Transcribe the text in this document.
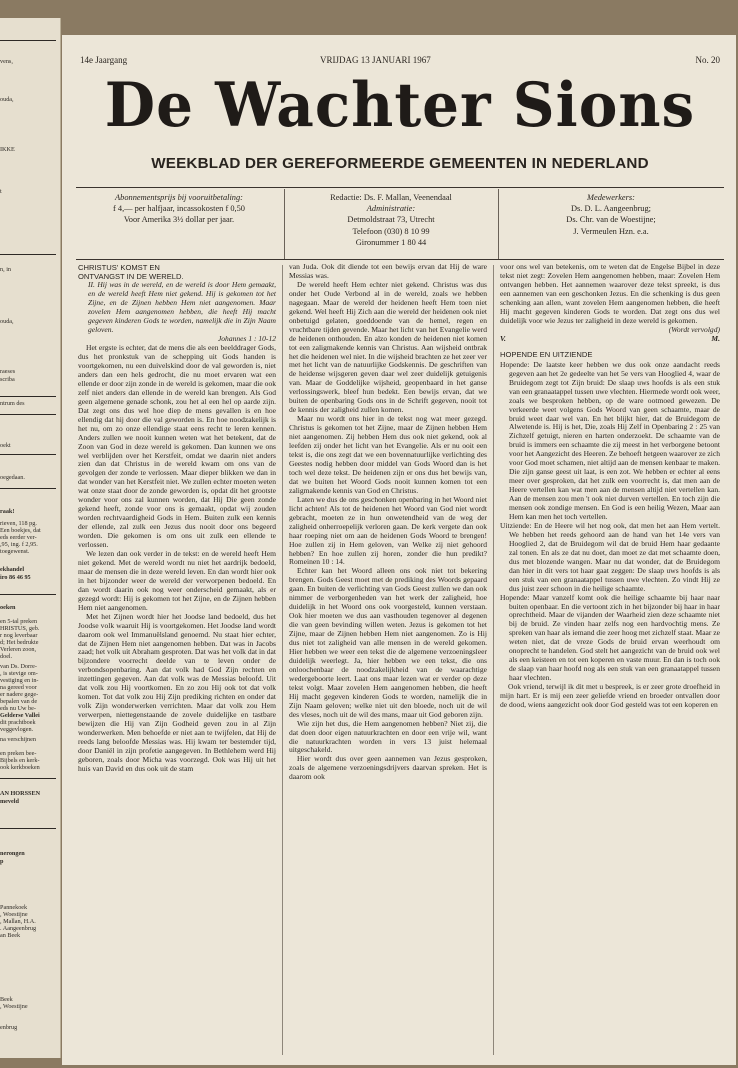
vens,
ouda,
IKKE
t
n, in
ouda,
raeses
scriba
ntrum des
oekt
oegedaan.
raak!
rieven, 118 pg.
Een boekjes, dat
eds eerder ver-
,95, ing. f 2,95.
toegewenst.
ekhandel
iro 86 46 95
oeken
en 5-tal preken
HRISTUS, geb.
r nog leverbaar
d; Het bedrukte
Verleren zoon,
doel.
van Ds. Dorre-
, is stevige om-
vestiging en in-
na gereed voor
er nadere gege-
bepalen van de
eds nu Uw be-
Gelderse Vallei
dit prachtboek
veggevlogen.
na verschijnen
en preken bee-
Bijbels en kerk-
ook kerkboeken
AN HORSSEN
meveld
nerongen
p
Pannekoek
, Woestijne
, Mallan, H.A.
. Aangeenbrug
an Beek
Beek
, Woestijne
enbrug
14e Jaargang	VRIJDAG 13 JANUARI 1967	No. 20
De Wachter Sions
WEEKBLAD DER GEREFORMEERDE GEMEENTEN IN NEDERLAND
Abonnementsprijs bij vooruitbetaling:
f 4,— per halfjaar, incassokosten f 0,50
Voor Amerika 3½ dollar per jaar.
Redactie: Ds. F. Mallan, Veenendaal
Administratie:
Detmoldstraat 73, Utrecht
Telefoon (030) 8 10 99
Gironummer 1 80 44
Medewerkers:
Ds. D. L. Aangeenbrug;
Ds. Chr. van de Woestijne;
J. Vermeulen Hzn. e.a.
CHRISTUS' KOMST EN
ONTVANGST IN DE WERELD.

II. Hij was in de wereld, en de wereld is door Hem gemaakt, en de wereld heeft Hem niet gekend. Hij is gekomen tot het Zijne, en de Zijnen hebben Hem niet aangenomen. Maar zovelen Hem aangenomen hebben, die heeft Hij macht gegeven kinderen Gods te worden, namelijk die in Zijn Naam geloven.

Johannes 1 : 10-12

Het ergste is echter, dat de mens die als een beelddrager Gods, dus het pronkstuk van de schepping uit Gods handen is voortgekomen, nu een duivelskind door de val geworden is, niet anders dan een hels gedrocht, die nu moet ervaren wat een ellende er door zijn zonde in de wereld is gekomen, maar die ook zelf niet anders dan ellende in de wereld kan brengen. Als God geen algemene genade schonk, zou het al een hel op aarde zijn. Dat zegt ons dus wel hoe diep de mens gevallen is en hoe ellendig dat hij door die val geworden is. En hoe noodzakelijk is het nu, om zo onze ellendige staat eens recht te leren kennen. Anders zullen we nooit kunnen weten wat het betekent, dat de Zoon van God in deze wereld is gekomen. Dan kunnen we ons wel verblijden over het Kerstfeit, omdat we daarin niet anders zien dan dat Christus in de wereld kwam om ons van de gevolgen der zonde te verlossen. Maar dieper blikken we dan in dat wonder van het Kerstfeit niet. We zullen echter moeten weten wat onze staat door de zonde geworden is, opdat dit het grootste wonder voor ons zal kunnen worden, dat Hij Die geen zonde gekend heeft, zonde voor ons is gemaakt, opdat wij zouden worden rechtvaardigheid Gods in Hem. Buiten zulk een kennis der ellende, zal zulk een Jezus dus nooit door ons begeerd worden. Die gekomen is om ons uit zulk een ellende te verlossen.

We lezen dan ook verder in de tekst: en de wereld heeft Hem niet gekend. Met de wereld wordt nu niet het aardrijk bedoeld, maar de mensen die in deze wereld leven. En dan wordt hier ook in het bijzonder weer de wereld der verworpenen bedoeld. En dan wordt daarin ook nog weer onderscheid gemaakt, als er gezegd wordt: Hij is gekomen tot het Zijne, en de Zijnen hebben Hem niet aangenomen.

Met het Zijnen wordt hier het Joodse land bedoeld, dus het Joodse volk waaruit Hij is voortgekomen. Het Joodse land wordt daarom ook wel Immanuëlsland genoemd. Nu staat hier echter, dat de Zijnen Hem niet aangenomen hebben. Dat was in Jacobs zaad; het volk uit Abraham gesproten. Dat was het volk dat in dat bijzondere voorrecht deelde van te leven onder de verbondsopenbaring. Aan dat volk had God Zijn rechten en inzettingen gegeven. Aan dat volk was de Messias beloofd. Uit dat volk zou Hij voortkomen. En zo zou Hij ook tot dat volk komen. Tot dat volk zou Hij Zijn prediking richten en onder dat volk Zijn wonderwerken verrichten. Maar dat volk zou Hem verwerpen, niettegenstaande de zovele duidelijke en tastbare bewijzen die Hij van Zijn Godheid geven zou in al Zijn wonderwerken. Men behoefde er niet aan te twijfelen, dat Hij de reeds lang beloofde Messias was. Hij kwam ter bestemder tijd, door Daniël in zijn profetie aangegeven. In Bethlehem werd Hij geboren, zoals door Micha was voorzegd. Ook was Hij uit het huis van David en dus ook uit de stam

van Juda. Ook dit diende tot een bewijs ervan dat Hij de ware Messias was.

De wereld heeft Hem echter niet gekend. Christus was dus onder het Oude Verbond al in de wereld, zoals we hebben nagegaan. Maar de wereld der heidenen heeft Hem toen niet gekend. Wel heeft Hij Zich aan die wereld der heidenen ook niet onbetuigd gelaten, goeddoende van de hemel, regen en vruchtbare tijden gevende. Maar het licht van het Evangelie werd de heidenen onthouden. En alzo konden de heidenen niet komen tot een zaligmakende kennis van Christus. Aan wijsheid ontbrak het die heidenen wel niet. In die wijsheid brachten ze het zeer ver met het licht van de natuurlijke Godskennis. De geschriften van de heidense wijsgeren geven daar wel zeer duidelijk getuigenis van. Maar de Goddelijke wijsheid, geopenbaard in het ganse verlossingswerk, bleef hun bedekt. Een bewijs ervan, dat we buiten de openbaring Gods ons in de Schrift gegeven, nooit tot de kennis der zaligheid zullen komen.

Maar nu wordt ons hier in de tekst nog wat meer gezegd. Christus is gekomen tot het Zijne, maar de Zijnen hebben Hem niet aangenomen. Zij hebben Hem dus ook niet gekend, ook al leefden zij onder het licht van het Evangelie. Als er nu ooit een tekst is, die ons zegt dat we een bovennatuurlijke verlichting des Geestes nodig hebben door middel van Gods Woord dan is het toch wel deze tekst. De heidenen zijn er ons dus het bewijs van, dat we buiten het Woord Gods nooit kunnen komen tot een zaligmakende kennis van God en Christus.

Laten we dus de ons geschonken openbaring in het Woord niet licht achten! Als tot de heidenen het Woord van God niet wordt gebracht, moeten ze in hun onwetendheid van de weg der zaligheid onherroepelijk verloren gaan. De kerk vergete dan ook haar roeping niet om aan de heidenen Gods Woord te brengen! Hoe zullen zij in Hem geloven, van Welke zij niet gehoord hebben? En hoe zullen zij horen, zonder die hun predikt? Romeinen 10 : 14.

Echter kan het Woord alleen ons ook niet tot bekering brengen. Gods Geest moet met de prediking des Woords gepaard gaan. En buiten de verlichting van Gods Geest zullen we dan ook nimmer de verborgenheden van het werk der zaligheid, hoe duidelijk in het Woord ons ook voorgesteld, kunnen verstaan. Ook hier moeten we dus aan vasthouden tegenover al degenen die van geen bevinding willen weten. Jezus is gekomen tot het Zijne, maar de Zijnen hebben Hem niet aangenomen. Zo is Hij dus niet tot zaligheid van alle mensen in de wereld gekomen. Hier hebben we weer een tekst die de algemene verzoeningsleer duidelijk weerlegt. Ja, hier hebben we een tekst, die ons onloochenbaar de noodzakelijkheid van de waarachtige wedergeboorte leert. Laat ons maar lezen wat er verder op deze tekst volgt. Maar zovelen Hem aangenomen hebben, die heeft Hij macht gegeven kinderen Gods te worden, namelijk die in Zijn Naam geloven; welke niet uit den bloede, noch uit de wil des vleses, noch uit de wil des mans, maar uit God geboren zijn.

Wie zijn het dus, die Hem aangenomen hebben? Niet zij, die dat doen door eigen natuurkrachten en door een vrije wil, want die natuurkrachten worden in vers 13 juist helemaal uitgeschakeld.

Hier wordt dus over geen aannemen van Jezus gesproken, zoals de algemene verzoeningsdrijvers daarvan spreken. Het is daarom ook

voor ons wel van betekenis, om te weten dat de Engelse Bijbel in deze tekst niet zegt: Zovelen Hem aangenomen hebben, maar: Zovelen Hem ontvangen hebben. Het aannemen waarover deze tekst spreekt, is dus een aannemen van een geschonken Jezus. En die schenking is dus geen schenking aan allen, want zovelen Hem aangenomen hebben, die heeft Hij macht gegeven kinderen Gods te worden. Dat zegt ons dus wel duidelijk voor wie Jezus ter zaligheid in deze wereld is gekomen.

(Wordt vervolgd)

V.	M.
HOPENDE EN UITZIENDE

Hopende: De laatste keer hebben we dus ook onze aandacht reeds gegeven aan het 2e gedeelte van het 5e vers van Hooglied 4, waar de Bruidegom zegt tot Zijn bruid: De slaap uws hoofds is als een stuk van een granaatappel tussen uwe vlechten. Hiermede wordt ook weer, zoals we besproken hebben, op de ware ootmoed gewezen. De verkeerde weet volgens Gods Woord van geen schaamte, maar de bruid weet daar wel van. En het blijkt hier, dat de Bruidegom de Alwetende is. Hij is het, Die, zoals Hij Zelf in Openbaring 2 : 25 van Zichzelf getuigt, nieren en harten onderzoekt. De schaamte van de bruid is immers een schaamte die zij meest in het verborgene betoont voor het Aangezicht des Heeren. Ze behoeft hetgeen waarover ze zich voor God moet schamen, niet altijd aan de mensen kenbaar te maken. Die zijn ganse geest uit laat, is een zot. We hebben er echter al eens meer over gesproken, dat het zulk een voorrecht is, dat men aan de Heere vertellen kan wat men aan de mensen altijd niet vertellen kan. Aan de mensen zou men 't ook niet durven vertellen. En toch zijn die mensen ook zondige mensen. En God is een heilig Wezen, Maar aan Hem kan men het toch vertellen.

Uitziende: En de Heere wil het nog ook, dat men het aan Hem vertelt. We hebben het reeds gehoord aan de hand van het 14e vers van Hooglied 2, dat de Bruidegom wil dat de bruid Hem haar gedaante zal tonen. En als ze dat nu doet, dan moet ze dat met schaamte doen, dus met blozende wangen. Maar nu dat wonder, dat de Bruidegom dan hier in dit vers tot haar gaat zeggen: De slaap uws hoofds is als een stuk van een granaatappel tussen uwe vlechten. Zo vindt Hij ze dus juist zeer schoon in die heilige schaamte.

Hopende: Maar vanzelf komt ook die heilige schaamte bij haar naar buiten openbaar. En die vertoont zich in het bijzonder bij haar in haar oprechtheid. Maar de vijanden der Waarheid zien deze schaamte niet bij de bruid. Ze vinden haar zelfs nog een hardvochtig mens. Ze spreken van haar als iemand die zeer hoog met zichzelf staat. Maar ze weten niet, dat de vreze Gods de bruid ervan weerhoudt om onoprecht te handelen. God stelt het aangezicht van de bruid ook wel als een keisteen en tot een koperen en vaste muur. En dan is toch ook de slaap van haar hoofd nog als een stuk van een granaatappel tussen haar vlechten.

Ook vriend, terwijl ik dit met u bespreek, is er zeer grote droefheid in mijn hart. Er is mij een zeer geliefde vriend en broeder ontvallen door de dood, wiens aangezicht ook door God gesteld was tot een koperen en
